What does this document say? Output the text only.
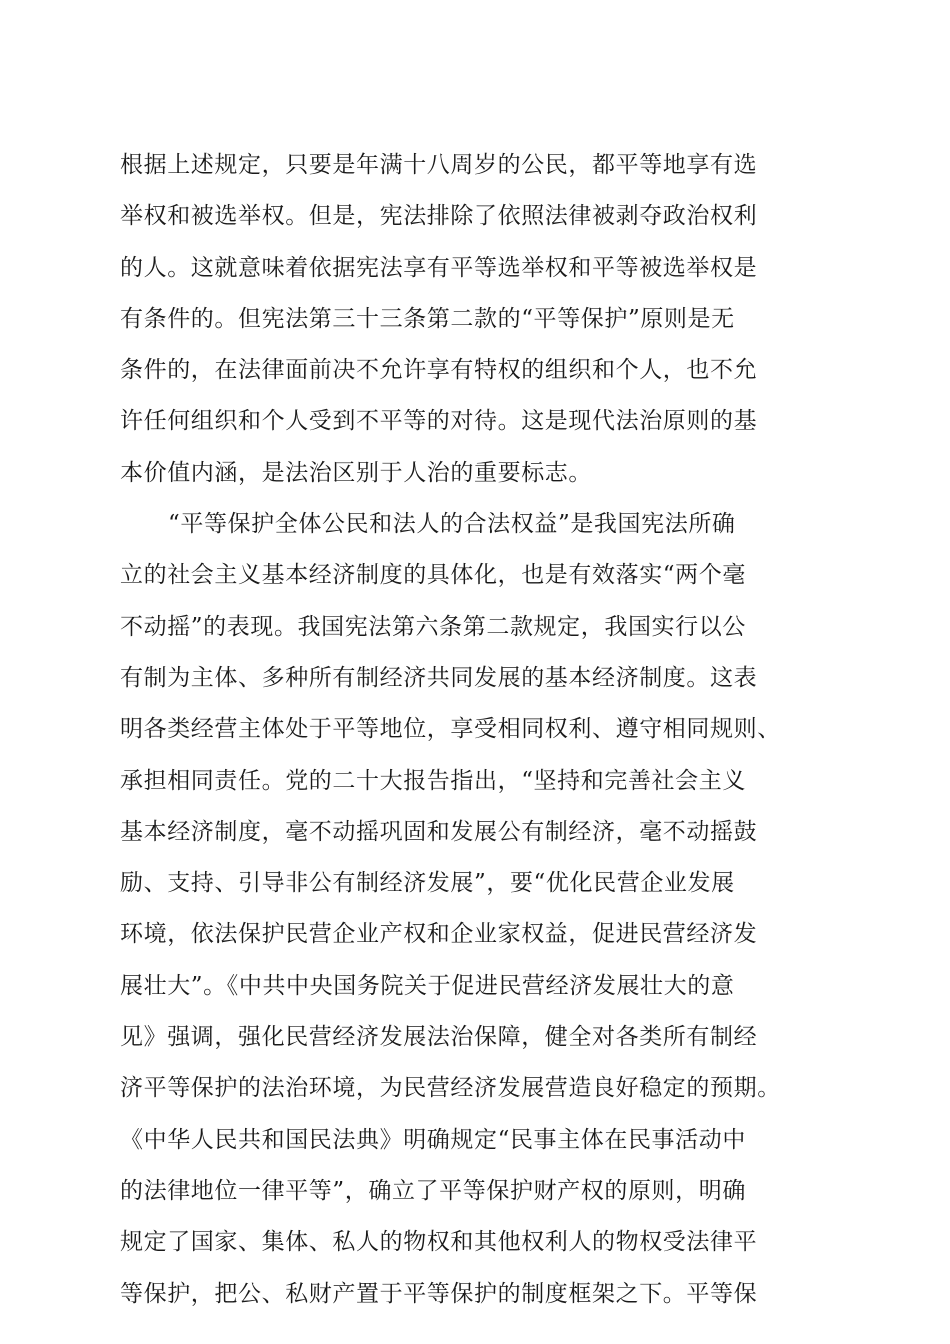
根据上述规定，只要是年满十八周岁的公民，都平等地享有选
举权和被选举权。但是，宪法排除了依照法律被剥夺政治权利
的人。这就意味着依据宪法享有平等选举权和平等被选举权是
有条件的。但宪法第三十三条第二款的“平等保护”原则是无
条件的，在法律面前决不允许享有特权的组织和个人，也不允
许任何组织和个人受到不平等的对待。这是现代法治原则的基
本价值内涵，是法治区别于人治的重要标志。
“平等保护全体公民和法人的合法权益”是我国宪法所确
立的社会主义基本经济制度的具体化，也是有效落实“两个毫
不动摇”的表现。我国宪法第六条第二款规定，我国实行以公
有制为主体、多种所有制经济共同发展的基本经济制度。这表
明各类经营主体处于平等地位，享受相同权利、遵守相同规则、
承担相同责任。党的二十大报告指出，“坚持和完善社会主义
基本经济制度，毫不动摇巩固和发展公有制经济，毫不动摇鼓
励、支持、引导非公有制经济发展”，要“优化民营企业发展
环境，依法保护民营企业产权和企业家权益，促进民营经济发
展壮大”。《中共中央国务院关于促进民营经济发展壮大的意
见》强调，强化民营经济发展法治保障，健全对各类所有制经
济平等保护的法治环境，为民营经济发展营造良好稳定的预期。
《中华人民共和国民法典》明确规定“民事主体在民事活动中
的法律地位一律平等”，确立了平等保护财产权的原则，明确
规定了国家、集体、私人的物权和其他权利人的物权受法律平
等保护，把公、私财产置于平等保护的制度框架之下。平等保
